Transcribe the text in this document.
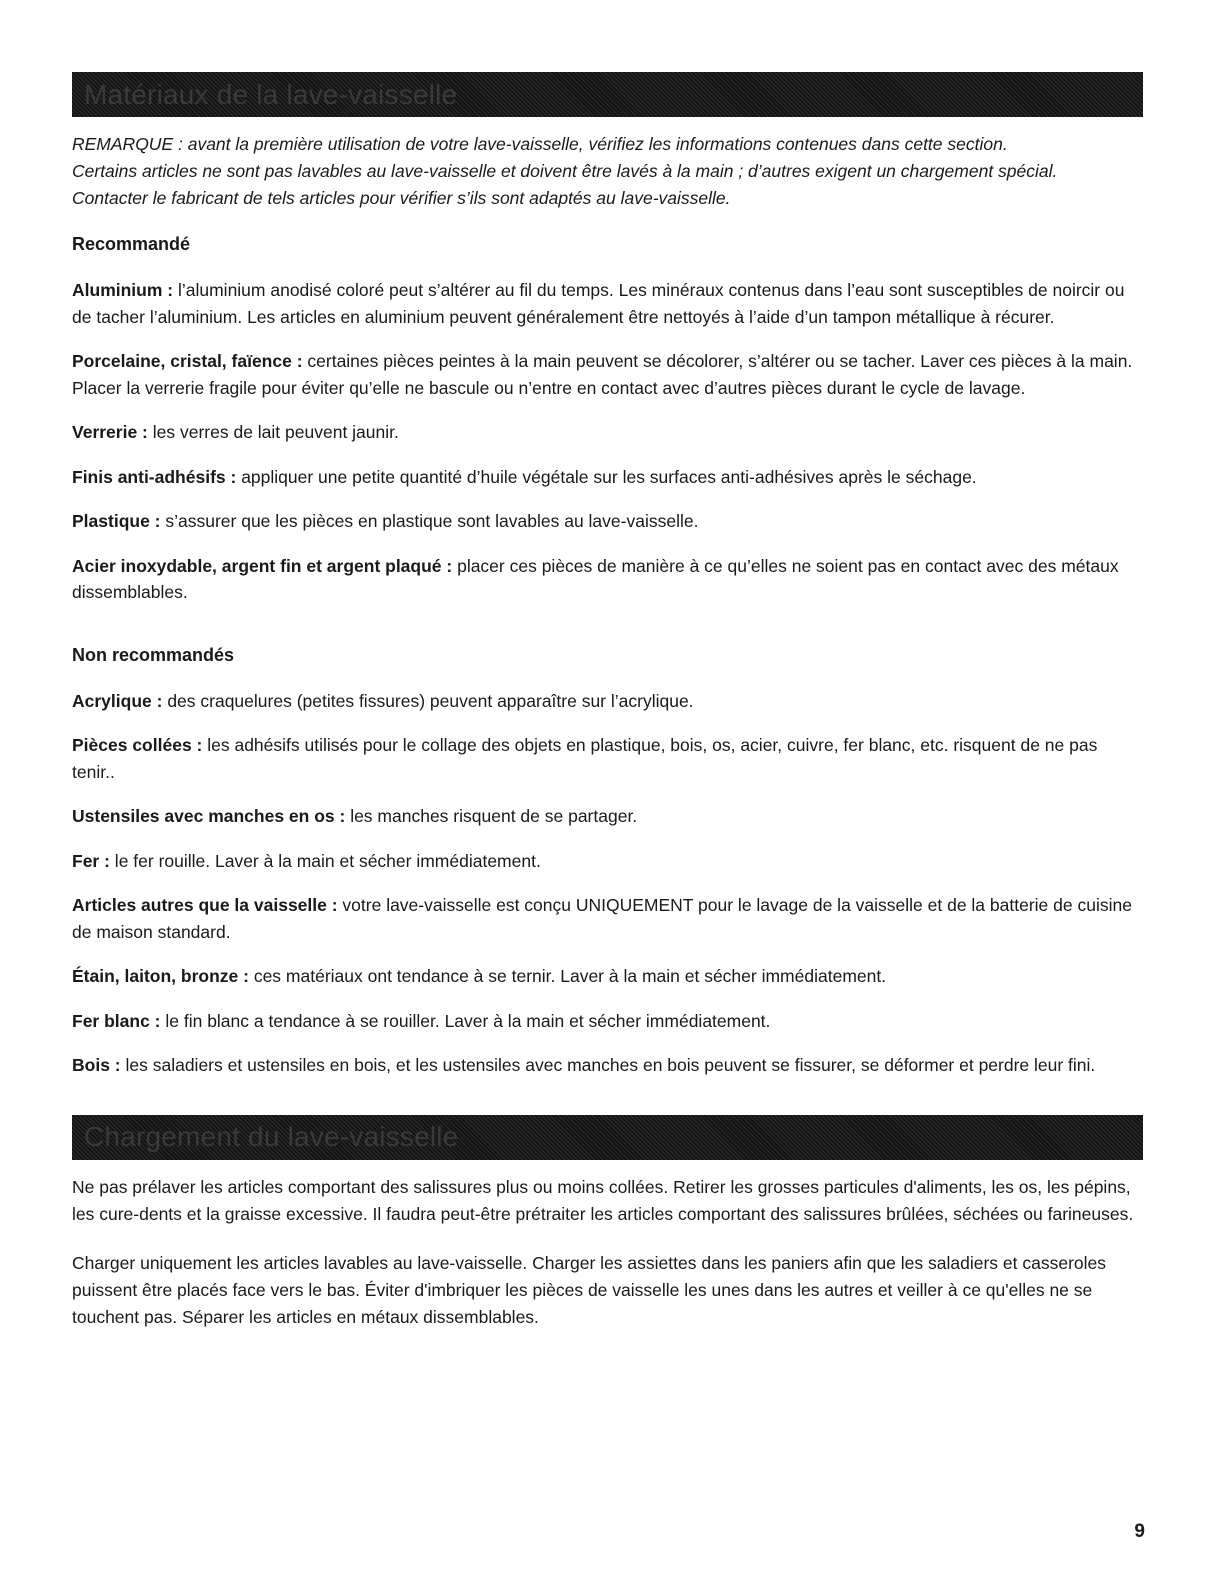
Matériaux de la lave-vaisselle

REMARQUE : avant la première utilisation de votre lave-vaisselle, vérifiez les informations contenues dans cette section.

Certains articles ne sont pas lavables au lave-vaisselle et doivent être lavés à la main ; d’autres exigent un chargement spécial.

Contacter le fabricant de tels articles pour vérifier s’ils sont adaptés au lave-vaisselle.

Recommandé

Aluminium : l’aluminium anodisé coloré peut s’altérer au fil du temps. Les minéraux contenus dans l’eau sont susceptibles de noircir ou de tacher l’aluminium. Les articles en aluminium peuvent généralement être nettoyés à l’aide d’un tampon métallique à récurer.

Porcelaine, cristal, faïence : certaines pièces peintes à la main peuvent se décolorer, s’altérer ou se tacher. Laver ces pièces à la main. Placer la verrerie fragile pour éviter qu’elle ne bascule ou n’entre en contact avec d’autres pièces durant le cycle de lavage.

Verrerie : les verres de lait peuvent jaunir.

Finis anti-adhésifs : appliquer une petite quantité d’huile végétale sur les surfaces anti-adhésives après le séchage.

Plastique : s’assurer que les pièces en plastique sont lavables au lave-vaisselle.

Acier inoxydable, argent fin et argent plaqué : placer ces pièces de manière à ce qu’elles ne soient pas en contact avec des métaux dissemblables.

Non recommandés

Acrylique : des craquelures (petites fissures) peuvent apparaître sur l’acrylique.

Pièces collées : les adhésifs utilisés pour le collage des objets en plastique, bois, os, acier, cuivre, fer blanc, etc. risquent de ne pas tenir..

Ustensiles avec manches en os : les manches risquent de se partager.

Fer : le fer rouille. Laver à la main et sécher immédiatement.

Articles autres que la vaisselle : votre lave-vaisselle est conçu UNIQUEMENT pour le lavage de la vaisselle et de la batterie de cuisine de maison standard.

Étain, laiton, bronze : ces matériaux ont tendance à se ternir. Laver à la main et sécher immédiatement.

Fer blanc : le fin blanc a tendance à se rouiller. Laver à la main et sécher immédiatement.

Bois : les saladiers et ustensiles en bois, et les ustensiles avec manches en bois peuvent se fissurer, se déformer et perdre leur fini.

Chargement du lave-vaisselle

Ne pas prélaver les articles comportant des salissures plus ou moins collées. Retirer les grosses particules d'aliments, les os, les pépins, les cure-dents et la graisse excessive. Il faudra peut-être prétraiter les articles comportant des salissures brûlées, séchées ou farineuses.

Charger uniquement les articles lavables au lave-vaisselle. Charger les assiettes dans les paniers afin que les saladiers et casseroles puissent être placés face vers le bas. Éviter d'imbriquer les pièces de vaisselle les unes dans les autres et veiller à ce qu'elles ne se touchent pas. Séparer les articles en métaux dissemblables.

9
